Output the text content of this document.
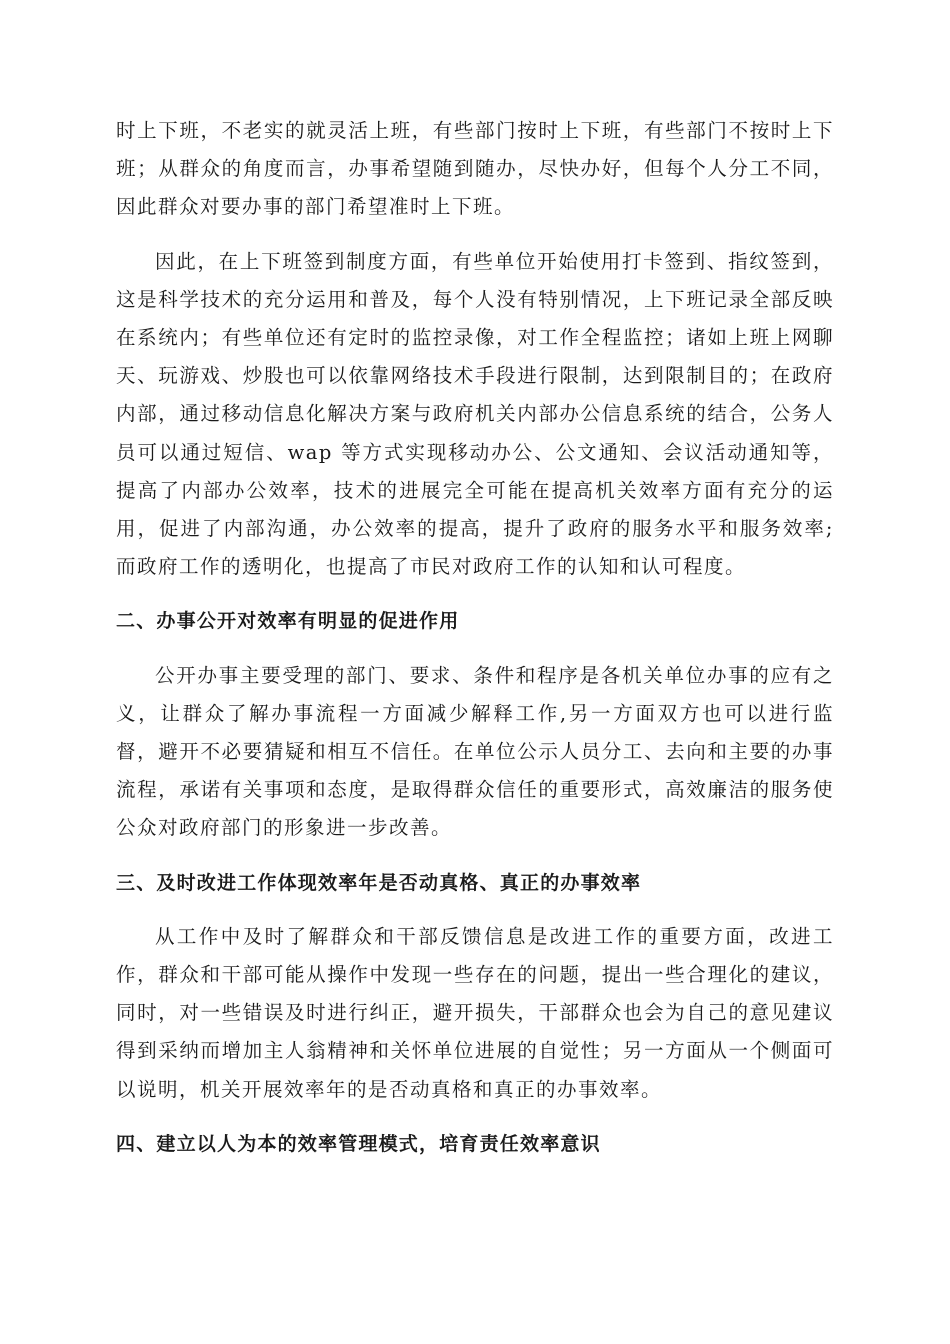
时上下班，不老实的就灵活上班，有些部门按时上下班，有些部门不按时上下班；从群众的角度而言，办事希望随到随办，尽快办好，但每个人分工不同，因此群众对要办事的部门希望准时上下班。

因此，在上下班签到制度方面，有些单位开始使用打卡签到、指纹签到，这是科学技术的充分运用和普及，每个人没有特别情况，上下班记录全部反映在系统内；有些单位还有定时的监控录像，对工作全程监控；诸如上班上网聊天、玩游戏、炒股也可以依靠网络技术手段进行限制，达到限制目的；在政府内部，通过移动信息化解决方案与政府机关内部办公信息系统的结合，公务人员可以通过短信、wap 等方式实现移动办公、公文通知、会议活动通知等，提高了内部办公效率，技术的进展完全可能在提高机关效率方面有充分的运用，促进了内部沟通，办公效率的提高，提升了政府的服务水平和服务效率;而政府工作的透明化，也提高了市民对政府工作的认知和认可程度。

二、办事公开对效率有明显的促进作用

公开办事主要受理的部门、要求、条件和程序是各机关单位办事的应有之义，让群众了解办事流程一方面减少解释工作,另一方面双方也可以进行监督，避开不必要猜疑和相互不信任。在单位公示人员分工、去向和主要的办事流程，承诺有关事项和态度，是取得群众信任的重要形式，高效廉洁的服务使公众对政府部门的形象进一步改善。

三、及时改进工作体现效率年是否动真格、真正的办事效率

从工作中及时了解群众和干部反馈信息是改进工作的重要方面，改进工作，群众和干部可能从操作中发现一些存在的问题，提出一些合理化的建议，同时，对一些错误及时进行纠正，避开损失，干部群众也会为自己的意见建议得到采纳而增加主人翁精神和关怀单位进展的自觉性；另一方面从一个侧面可以说明，机关开展效率年的是否动真格和真正的办事效率。

四、建立以人为本的效率管理模式，培育责任效率意识
